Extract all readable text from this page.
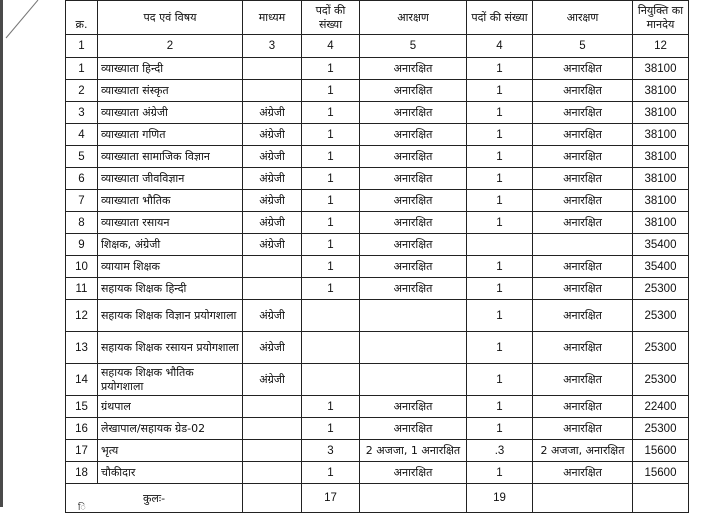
क्र.	पद एवं विषय	माध्यम	पदों की संख्या	आरक्षण	पदों की संख्या	आरक्षण	नियुक्ति का मानदेय
1	2	3	4	5	4	5	12
1	व्याख्याता हिन्दी		1	अनारक्षित	1	अनारक्षित	38100
2	व्याख्याता संस्कृत		1	अनारक्षित	1	अनारक्षित	38100
3	व्याख्याता अंग्रेजी	अंग्रेजी	1	अनारक्षित	1	अनारक्षित	38100
4	व्याख्याता गणित	अंग्रेजी	1	अनारक्षित	1	अनारक्षित	38100
5	व्याख्याता सामाजिक विज्ञान	अंग्रेजी	1	अनारक्षित	1	अनारक्षित	38100
6	व्याख्याता जीवविज्ञान	अंग्रेजी	1	अनारक्षित	1	अनारक्षित	38100
7	व्याख्याता भौतिक	अंग्रेजी	1	अनारक्षित	1	अनारक्षित	38100
8	व्याख्याता रसायन	अंग्रेजी	1	अनारक्षित	1	अनारक्षित	38100
9	शिक्षक, अंग्रेजी	अंग्रेजी	1	अनारक्षित			35400
10	व्यायाम शिक्षक		1	अनारक्षित	1	अनारक्षित	35400
11	सहायक शिक्षक हिन्दी		1	अनारक्षित	1	अनारक्षित	25300
12	सहायक शिक्षक विज्ञान प्रयोगशाला	अंग्रेजी			1	अनारक्षित	25300
13	सहायक शिक्षक रसायन प्रयोगशाला	अंग्रेजी			1	अनारक्षित	25300
14	सहायक शिक्षक भौतिक प्रयोगशाला	अंग्रेजी			1	अनारक्षित	25300
15	ग्रंथपाल		1	अनारक्षित	1	अनारक्षित	22400
16	लेखापाल/सहायक ग्रेड-02		1	अनारक्षित	1	अनारक्षित	25300
17	भृत्य		3	2 अजजा, 1 अनारक्षित	.3	2 अजजा, अनारक्षित	15600
18	चौकीदार		1	अनारक्षित	1	अनारक्षित	15600
कुलः-			17		19		
ि
